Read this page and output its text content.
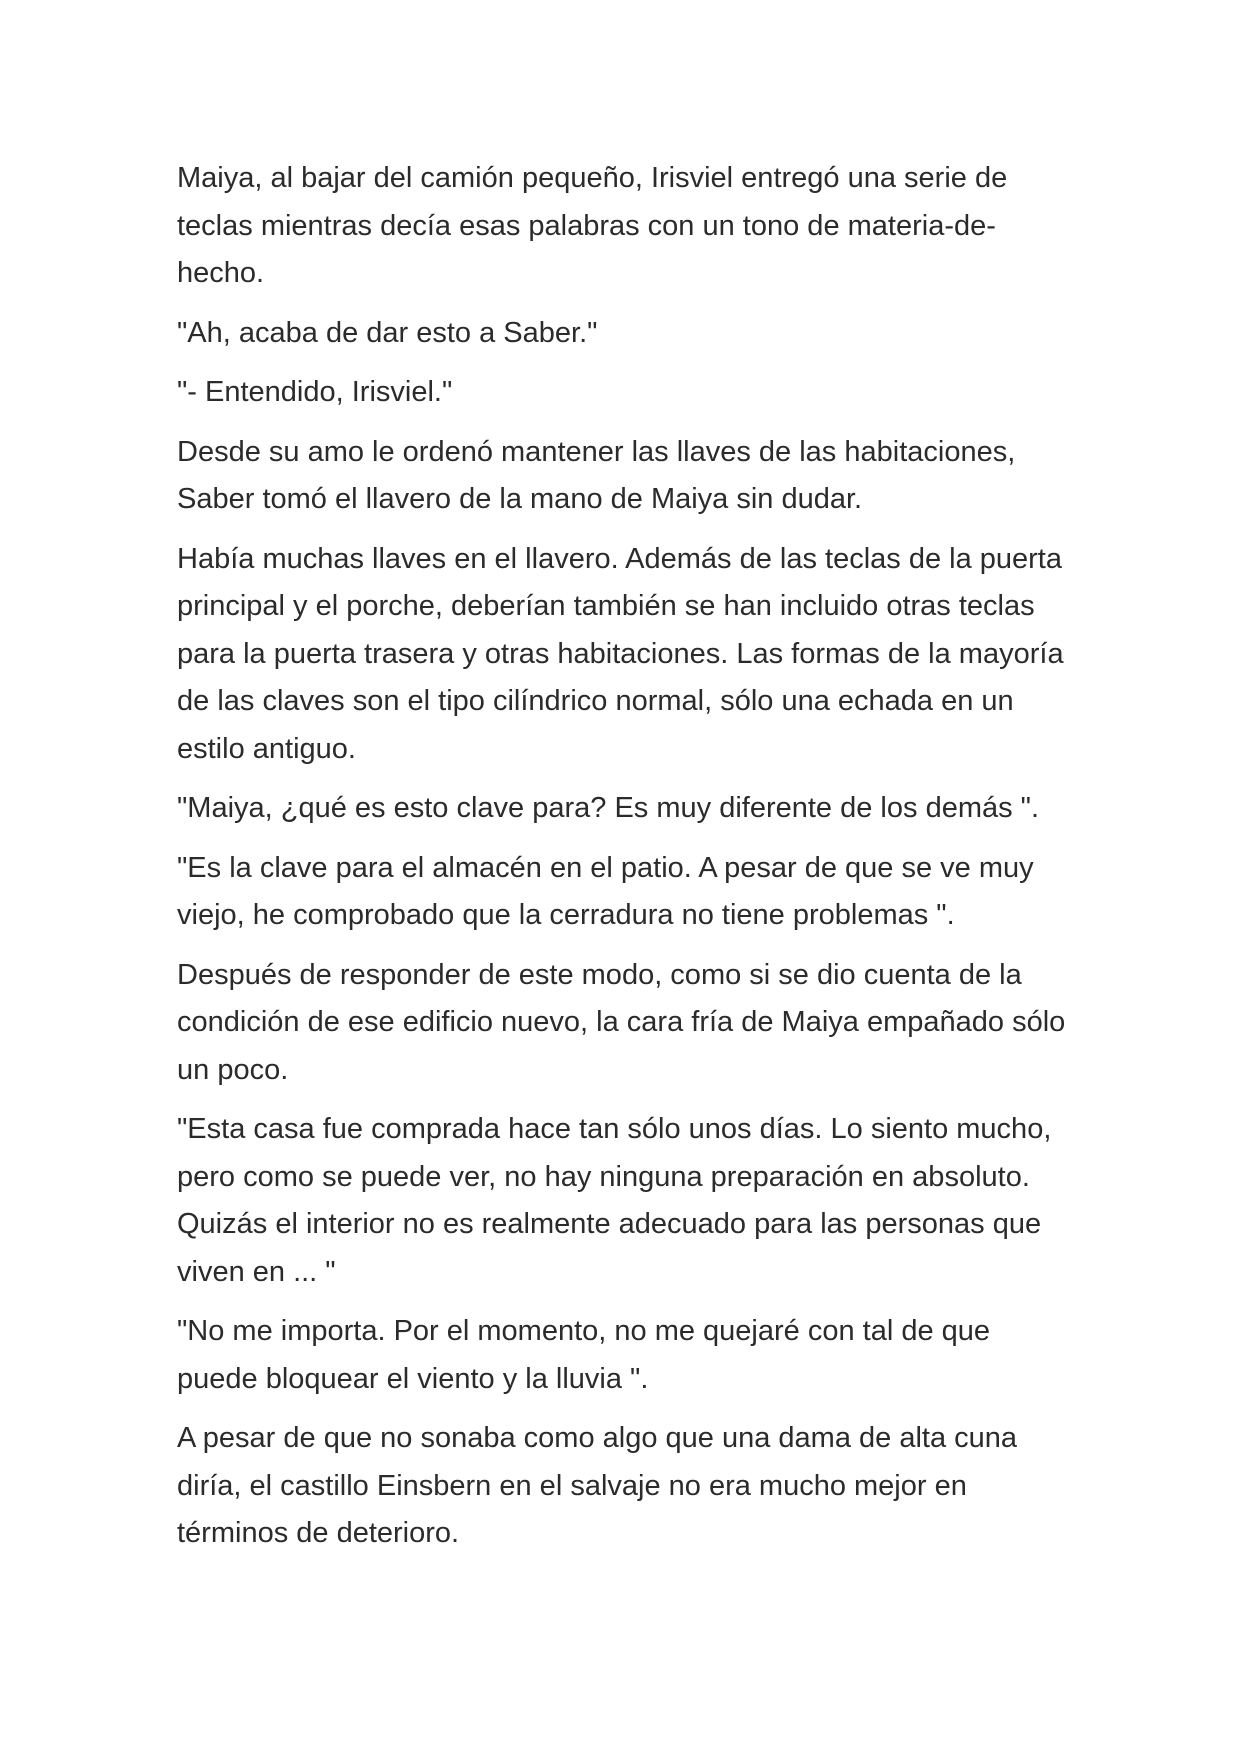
Maiya, al bajar del camión pequeño, Irisviel entregó una serie de teclas mientras decía esas palabras con un tono de materia-de-hecho.

"Ah, acaba de dar esto a Saber."

"- Entendido, Irisviel."

Desde su amo le ordenó mantener las llaves de las habitaciones, Saber tomó el llavero de la mano de Maiya sin dudar.

Había muchas llaves en el llavero. Además de las teclas de la puerta principal y el porche, deberían también se han incluido otras teclas para la puerta trasera y otras habitaciones. Las formas de la mayoría de las claves son el tipo cilíndrico normal, sólo una echada en un estilo antiguo.

"Maiya, ¿qué es esto clave para? Es muy diferente de los demás ".

"Es la clave para el almacén en el patio. A pesar de que se ve muy viejo, he comprobado que la cerradura no tiene problemas ".

Después de responder de este modo, como si se dio cuenta de la condición de ese edificio nuevo, la cara fría de Maiya empañado sólo un poco.

"Esta casa fue comprada hace tan sólo unos días. Lo siento mucho, pero como se puede ver, no hay ninguna preparación en absoluto. Quizás el interior no es realmente adecuado para las personas que viven en ... "

"No me importa. Por el momento, no me quejaré con tal de que puede bloquear el viento y la lluvia ".

A pesar de que no sonaba como algo que una dama de alta cuna diría, el castillo Einsbern en el salvaje no era mucho mejor en términos de deterioro.
